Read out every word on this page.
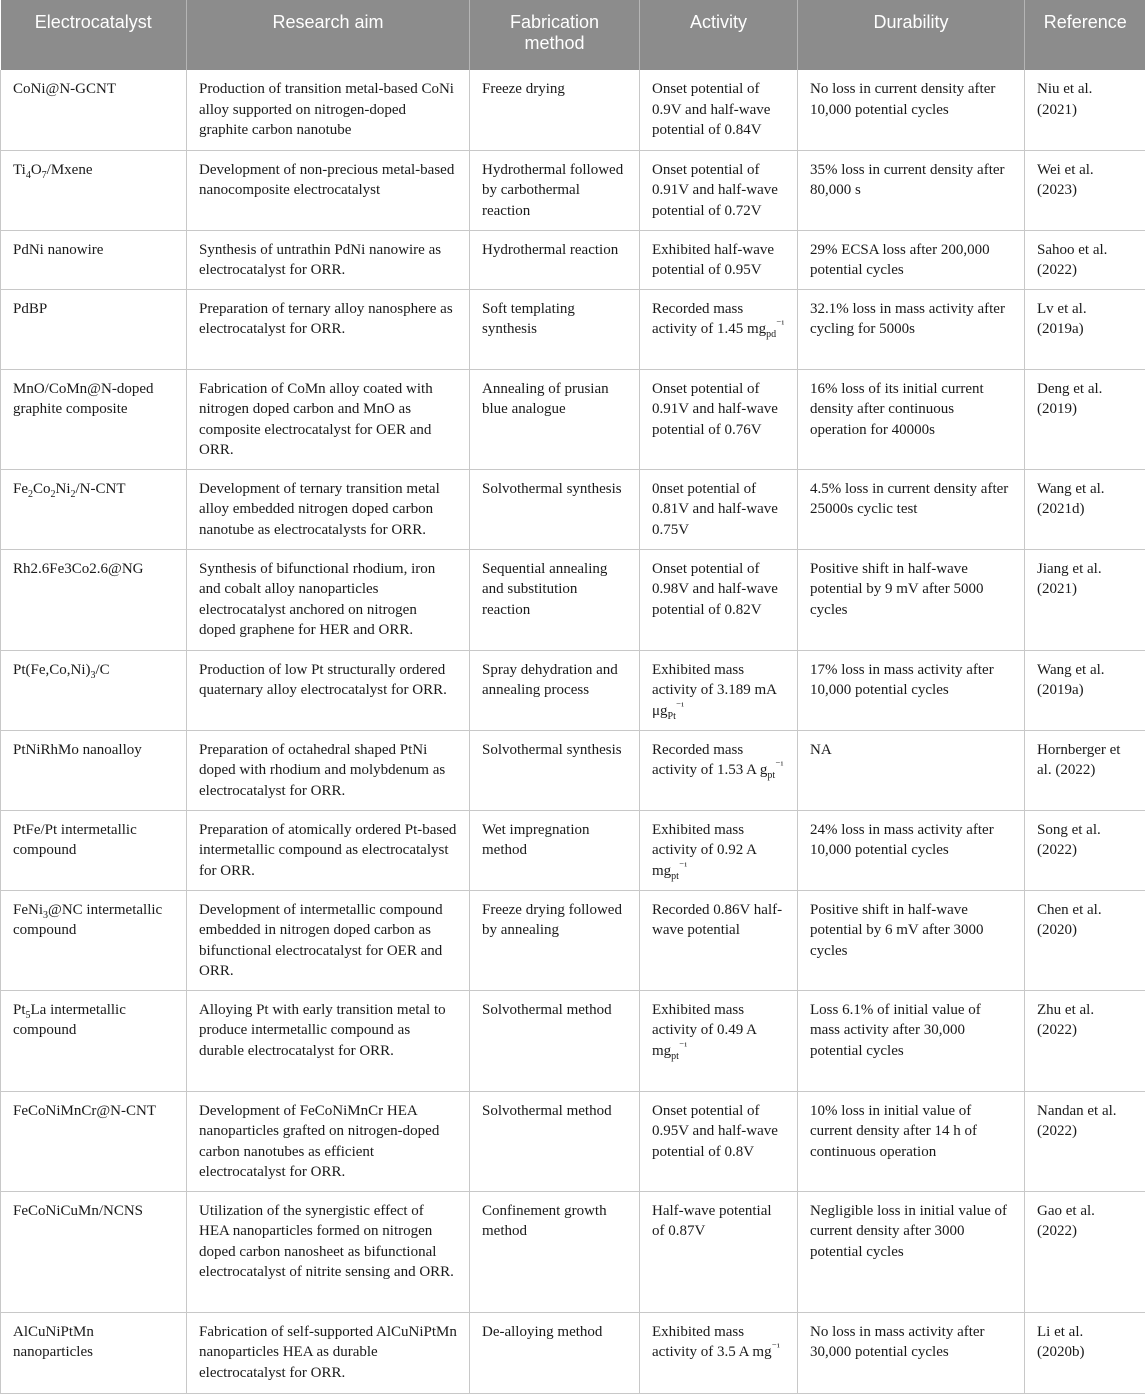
Electrocatalyst	Research aim	Fabrication method	Activity	Durability	Reference
CoNi@N-GCNT	Production of transition metal-based CoNi alloy supported on nitrogen-doped graphite carbon nanotube	Freeze drying	Onset potential of 0.9V and half-wave potential of 0.84V	No loss in current density after 10,000 potential cycles	Niu et al. (2021)
$Ti_4O_7$/Mxene	Development of non-precious metal-based nanocomposite electrocatalyst	Hydrothermal followed by carbothermal reaction	Onset potential of 0.91V and half-wave potential of 0.72V	35% loss in current density after 80,000 s	Wei et al. (2023)
PdNi nanowire	Synthesis of untrathin PdNi nanowire as electrocatalyst for ORR.	Hydrothermal reaction	Exhibited half-wave potential of 0.95V	29% ECSA loss after 200,000 potential cycles	Sahoo et al. (2022)
PdBP	Preparation of ternary alloy nanosphere as electrocatalyst for ORR.	Soft templating synthesis	Recorded mass activity of 1.45 $mg_{pd}^{^{-1}}$	32.1% loss in mass activity after cycling for 5000s	Lv et al. (2019a)
MnO/CoMn@N-doped graphite composite	Fabrication of CoMn alloy coated with nitrogen doped carbon and MnO as composite electrocatalyst for OER and ORR.	Annealing of prusian blue analogue	Onset potential of 0.91V and half-wave potential of 0.76V	16% loss of its initial current density after continuous operation for 40000s	Deng et al. (2019)
$Fe_2Co_2Ni_2/N$-CNT	Development of ternary transition metal alloy embedded nitrogen doped carbon nanotube as electrocatalysts for ORR.	Solvothermal synthesis	0nset potential of 0.81V and half-wave 0.75V	4.5% loss in current density after 25000s cyclic test	Wang et al. (2021d)
Rh2.6Fe3Co2.6@NG	Synthesis of bifunctional rhodium, iron and cobalt alloy nanoparticles electrocatalyst anchored on nitrogen doped graphene for HER and ORR.	Sequential annealing and substitution reaction	Onset potential of 0.98V and half-wave potential of 0.82V	Positive shift in half-wave potential by 9 mV after 5000 cycles	Jiang et al. (2021)
$Pt(Fe,Co,Ni)_3/C$	Production of low Pt structurally ordered quaternary alloy electrocatalyst for ORR.	Spray dehydration and annealing process	Exhibited mass activity of 3.189 mA $\mu g_{Pt}^{^{-1}}$	17% loss in mass activity after 10,000 potential cycles	Wang et al. (2019a)
PtNiRhMo nanoalloy	Preparation of octahedral shaped PtNi doped with rhodium and molybdenum as electrocatalyst for ORR.	Solvothermal synthesis	Recorded mass activity of 1.53 A $g_{pt}^{^{-1}}$	NA	Hornberger et al. (2022)
PtFe/Pt intermetallic compound	Preparation of atomically ordered Pt-based intermetallic compound as electrocatalyst for ORR.	Wet impregnation method	Exhibited mass activity of 0.92 A $mg_{pt}^{^{-1}}$	24% loss in mass activity after 10,000 potential cycles	Song et al. (2022)
FeNi$_3$@NC intermetallic compound	Development of intermetallic compound embedded in nitrogen doped carbon as bifunctional electrocatalyst for OER and ORR.	Freeze drying followed by annealing	Recorded 0.86V half-wave potential	Positive shift in half-wave potential by 6 mV after 3000 cycles	Chen et al. (2020)
$Pt_5La$ intermetallic compound	Alloying Pt with early transition metal to produce intermetallic compound as durable electrocatalyst for ORR.	Solvothermal method	Exhibited mass activity of 0.49 A $mg_{pt}^{^{-1}}$	Loss 6.1% of initial value of mass activity after 30,000 potential cycles	Zhu et al. (2022)
FeCoNiMnCr@N-CNT	Development of FeCoNiMnCr HEA nanoparticles grafted on nitrogen-doped carbon nanotubes as efficient electrocatalyst for ORR.	Solvothermal method	Onset potential of 0.95V and half-wave potential of 0.8V	10% loss in initial value of current density after 14 h of continuous operation	Nandan et al. (2022)
FeCoNiCuMn/NCNS	Utilization of the synergistic effect of HEA nanoparticles formed on nitrogen doped carbon nanosheet as bifunctional electrocatalyst of nitrite sensing and ORR.	Confinement growth method	Half-wave potential of 0.87V	Negligible loss in initial value of current density after 3000 potential cycles	Gao et al. (2022)
AlCuNiPtMn nanoparticles	Fabrication of self-supported AlCuNiPtMn nanoparticles HEA as durable electrocatalyst for ORR.	De-alloying method	Exhibited mass activity of 3.5 A $mg^{^{-1}}$	No loss in mass activity after 30,000 potential cycles	Li et al. (2020b)
